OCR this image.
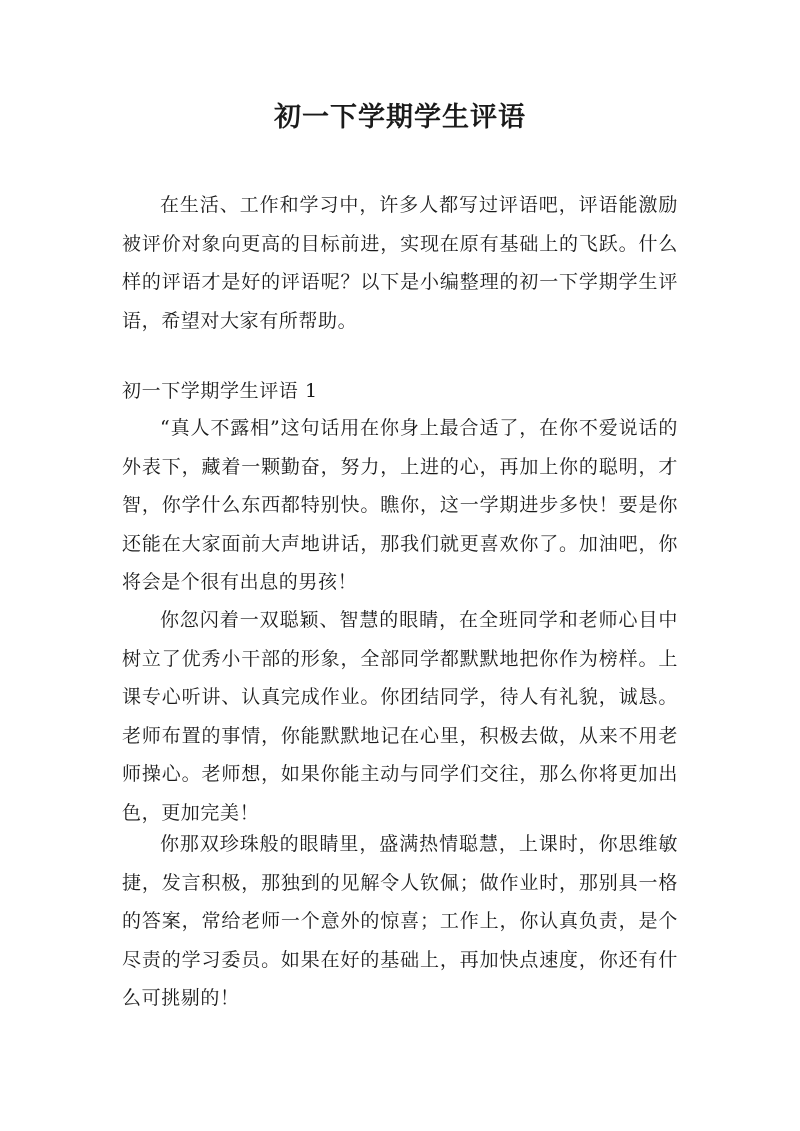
初一下学期学生评语

在生活、工作和学习中，许多人都写过评语吧，评语能激励被评价对象向更高的目标前进，实现在原有基础上的飞跃。什么样的评语才是好的评语呢？以下是小编整理的初一下学期学生评语，希望对大家有所帮助。

初一下学期学生评语 1

“真人不露相”这句话用在你身上最合适了，在你不爱说话的外表下，藏着一颗勤奋，努力，上进的心，再加上你的聪明，才智，你学什么东西都特别快。瞧你，这一学期进步多快！要是你还能在大家面前大声地讲话，那我们就更喜欢你了。加油吧，你将会是个很有出息的男孩！

你忽闪着一双聪颖、智慧的眼睛，在全班同学和老师心目中树立了优秀小干部的形象，全部同学都默默地把你作为榜样。上课专心听讲、认真完成作业。你团结同学，待人有礼貌，诚恳。老师布置的事情，你能默默地记在心里，积极去做，从来不用老师操心。老师想，如果你能主动与同学们交往，那么你将更加出色，更加完美！

你那双珍珠般的眼睛里，盛满热情聪慧，上课时，你思维敏捷，发言积极，那独到的见解令人钦佩；做作业时，那别具一格的答案，常给老师一个意外的惊喜；工作上，你认真负责，是个尽责的学习委员。如果在好的基础上，再加快点速度，你还有什么可挑剔的！
